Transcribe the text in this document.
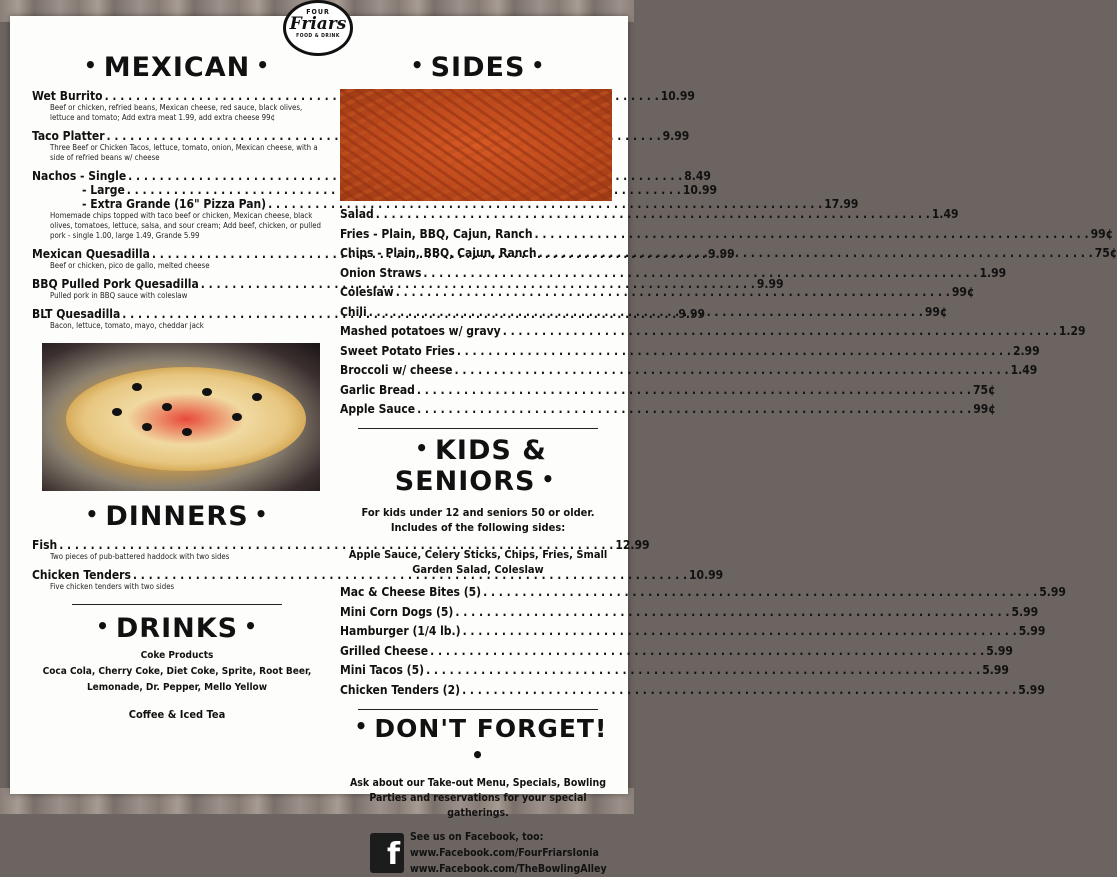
FOUR
Friars
FOOD & DRINK
• MEXICAN •
Wet Burrito . . .	10.99
Beef or chicken, refried beans, Mexican cheese, red sauce, black olives, lettuce and tomato; Add extra meat 1.99, add extra cheese 99¢
Taco Platter . . .	9.99
Three Beef or Chicken Tacos, lettuce, tomato, onion, Mexican cheese, with a side of refried beans w/ cheese
Nachos - Single . . .	8.49
- Large . . .	10.99
- Extra Grande (16" Pizza Pan) . . .	17.99
Homemade chips topped with taco beef or chicken, Mexican cheese, black olives, tomatoes, lettuce, salsa, and sour cream; Add beef, chicken, or pulled pork - single 1.00, large 1.49, Grande 5.99
Mexican Quesadilla . . .	9.99
Beef or chicken, pico de gallo, melted cheese
BBQ Pulled Pork Quesadilla . . .	9.99
Pulled pork in BBQ sauce with coleslaw
BLT Quesadilla . . .	9.99
Bacon, lettuce, tomato, mayo, cheddar jack
• DINNERS •
Fish . . .	12.99
Two pieces of pub-battered haddock with two sides
Chicken Tenders . . .	10.99
Five chicken tenders with two sides
• DRINKS •
Coke Products
Coca Cola, Cherry Coke, Diet Coke, Sprite, Root Beer,
Lemonade, Dr. Pepper, Mello Yellow
Coffee & Iced Tea
• SIDES •
Salad . . .	1.49
Fries - Plain, BBQ, Cajun, Ranch . . .	99¢
Chips - Plain, BBQ, Cajun, Ranch . . .	75¢
Onion Straws . . .	1.99
Coleslaw . . .	99¢
Chili . . .	99¢
Mashed potatoes w/ gravy . . .	1.29
Sweet Potato Fries . . .	2.99
Broccoli w/ cheese . . .	1.49
Garlic Bread . . .	75¢
Apple Sauce . . .	99¢
• KIDS & SENIORS •
For kids under 12 and seniors 50 or older.
Includes of the following sides:
Apple Sauce, Celery Sticks, Chips, Fries, Small
Garden Salad, Coleslaw
Mac & Cheese Bites (5) . . .	5.99
Mini Corn Dogs (5) . . .	5.99
Hamburger (1/4 lb.) . . .	5.99
Grilled Cheese . . .	5.99
Mini Tacos (5) . . .	5.99
Chicken Tenders (2) . . .	5.99
• DON'T FORGET!•
Ask about our Take-out Menu, Specials, Bowling
Parties and reservations for your special gatherings.
f See us on Facebook, too:
www.Facebook.com/FourFriarsIonia
www.Facebook.com/TheBowlingAlley
